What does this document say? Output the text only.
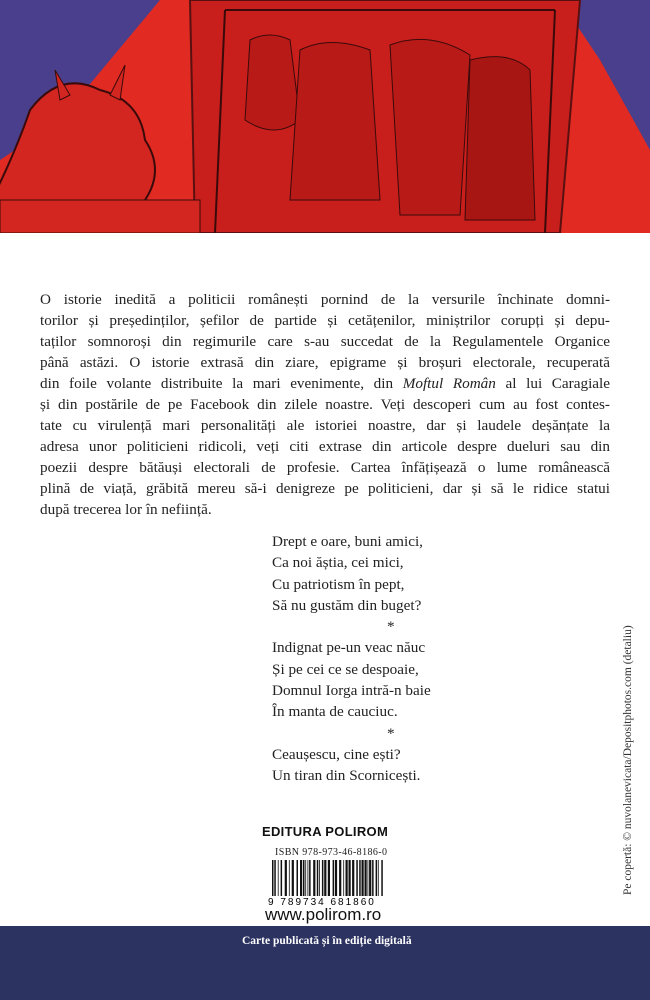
O istorie inedită a politicii românești pornind de la versurile închinate domni-
torilor și președinților, șefilor de partide și cetățenilor, miniștrilor corupți și depu-
taților somnoroși din regimurile care s-au succedat de la Regulamentele Organice
până astăzi. O istorie extrasă din ziare, epigrame și broșuri electorale, recuperată
din foile volante distribuite la mari evenimente, din Moftul Român al lui Caragiale
și din postările de pe Facebook din zilele noastre. Veți descoperi cum au fost contes-
tate cu virulență mari personalități ale istoriei noastre, dar și laudele deșănțate la
adresa unor politicieni ridicoli, veți citi extrase din articole despre dueluri sau din
poezii despre bătăuși electorali de profesie. Cartea înfățișează o lume românească
plină de viață, grăbită mereu să-i denigreze pe politicieni, dar și să le ridice statui
după trecerea lor în neființă.
Drept e oare, buni amici,
Ca noi ăștia, cei mici,
Cu patriotism în pept,
Să nu gustăm din buget?
*
Indignat pe-un veac năuc
Și pe cei ce se despoaie,
Domnul Iorga intră-n baie
În manta de cauciuc.
*
Ceaușescu, cine ești?
Un tiran din Scornicești.
EDITURA POLIROM
ISBN 978-973-46-8186-0
9 789734 681860
www.polirom.ro
Carte publicată și în ediție digitală
Pe copertă: © nuvolanevicata/Depositphotos.com (detaliu)
